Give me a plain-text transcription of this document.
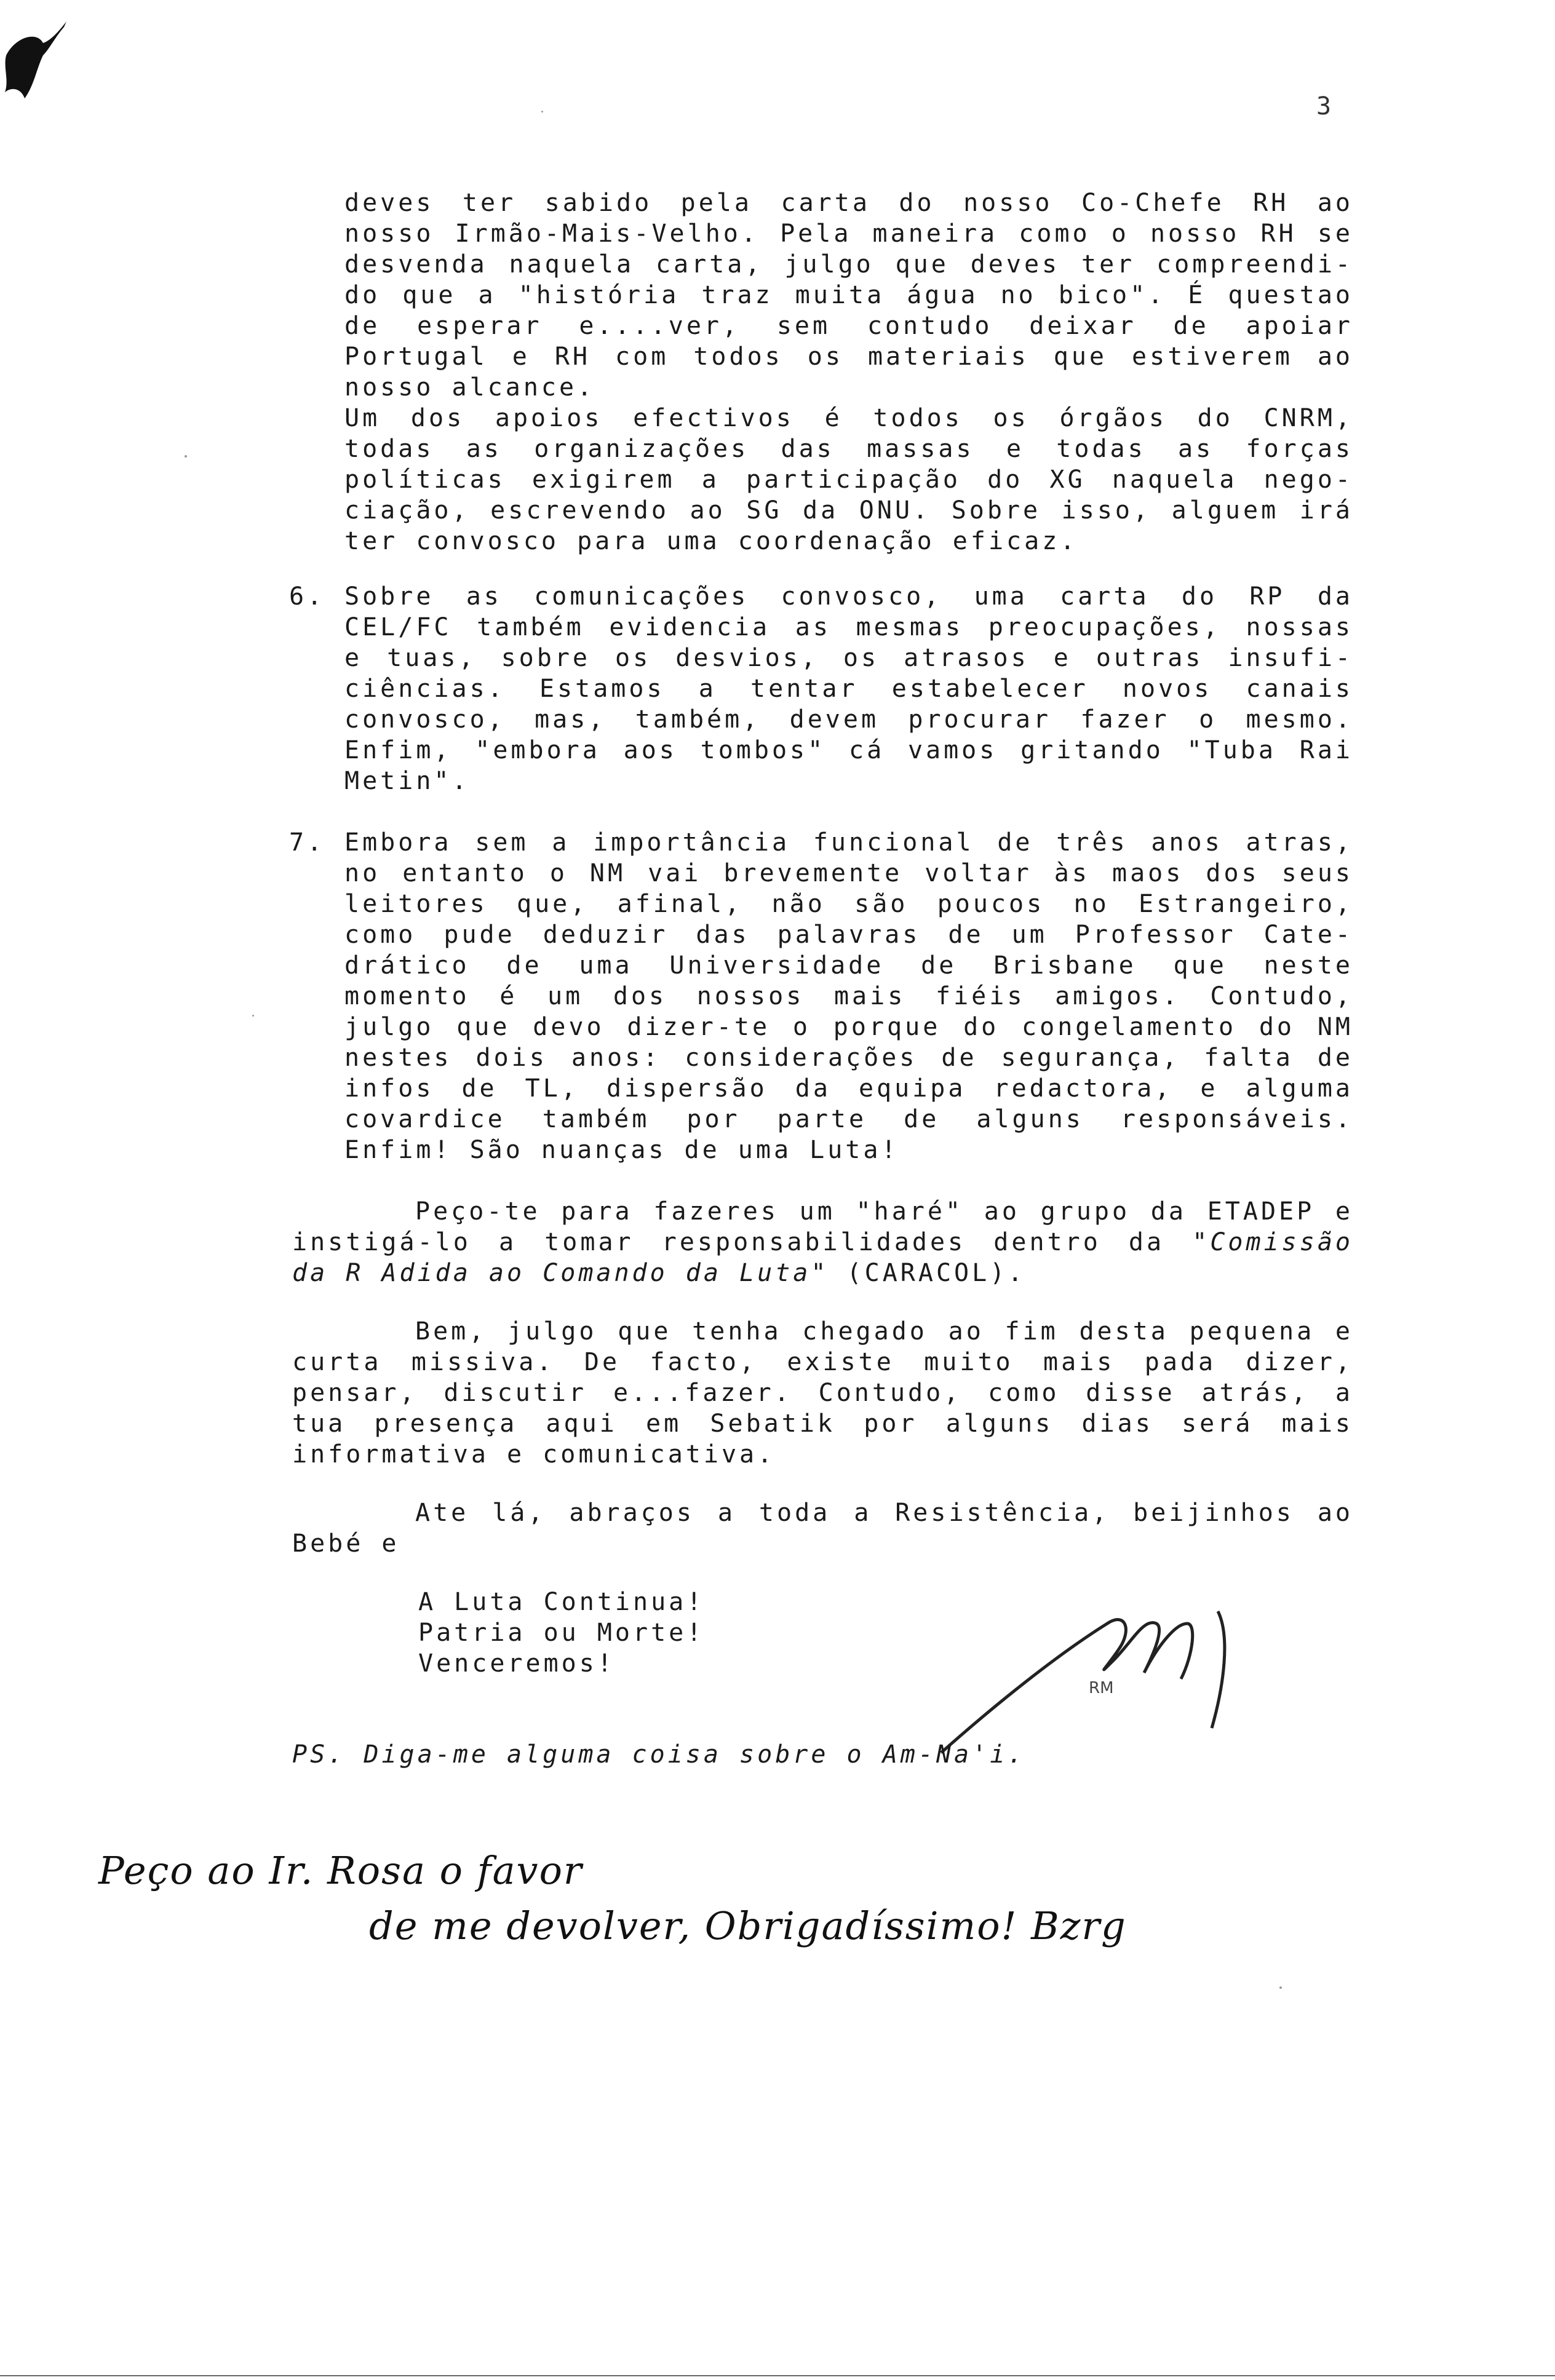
3
deves ter sabido pela carta do nosso Co-Chefe RH ao
nosso Irmão-Mais-Velho. Pela maneira como o nosso RH se
desvenda naquela carta, julgo que deves ter compreendi-
do que a "história traz muita água no bico". É questao
de esperar e....ver, sem contudo deixar de apoiar
Portugal e RH com todos os materiais que estiverem ao
nosso alcance.
Um dos apoios efectivos é todos os órgãos do CNRM,
todas as organizações das massas e todas as forças
políticas exigirem a participação do XG naquela nego-
ciação, escrevendo ao SG da ONU. Sobre isso, alguem irá
ter convosco para uma coordenação eficaz.
6. Sobre as comunicações convosco, uma carta do RP da
CEL/FC também evidencia as mesmas preocupações, nossas
e tuas, sobre os desvios, os atrasos e outras insufi-
ciências. Estamos a tentar estabelecer novos canais
convosco, mas, também, devem procurar fazer o mesmo.
Enfim, "embora aos tombos" cá vamos gritando "Tuba Rai
Metin".
7. Embora sem a importância funcional de três anos atras,
no entanto o NM vai brevemente voltar às maos dos seus
leitores que, afinal, não são poucos no Estrangeiro,
como pude deduzir das palavras de um Professor Cate-
drático de uma Universidade de Brisbane que neste
momento é um dos nossos mais fiéis amigos. Contudo,
julgo que devo dizer-te o porque do congelamento do NM
nestes dois anos: considerações de segurança, falta de
infos de TL, dispersão da equipa redactora, e alguma
covardice também por parte de alguns responsáveis.
Enfim! São nuanças de uma Luta!
Peço-te para fazeres um "haré" ao grupo da ETADEP e
instigá-lo a tomar responsabilidades dentro da "Comissão
da R Adida ao Comando da Luta" (CARACOL).
Bem, julgo que tenha chegado ao fim desta pequena e
curta missiva. De facto, existe muito mais pada dizer,
pensar, discutir e...fazer. Contudo, como disse atrás, a
tua presença aqui em Sebatik por alguns dias será mais
informativa e comunicativa.
Ate lá, abraços a toda a Resistência, beijinhos ao
Bebé e
A Luta Continua!
Patria ou Morte!
Venceremos!
RM
PS. Diga-me alguma coisa sobre o Am-Na'i.
Peço ao Ir. Rosa o favor
de me devolver, Obrigadíssimo! Bzrg
